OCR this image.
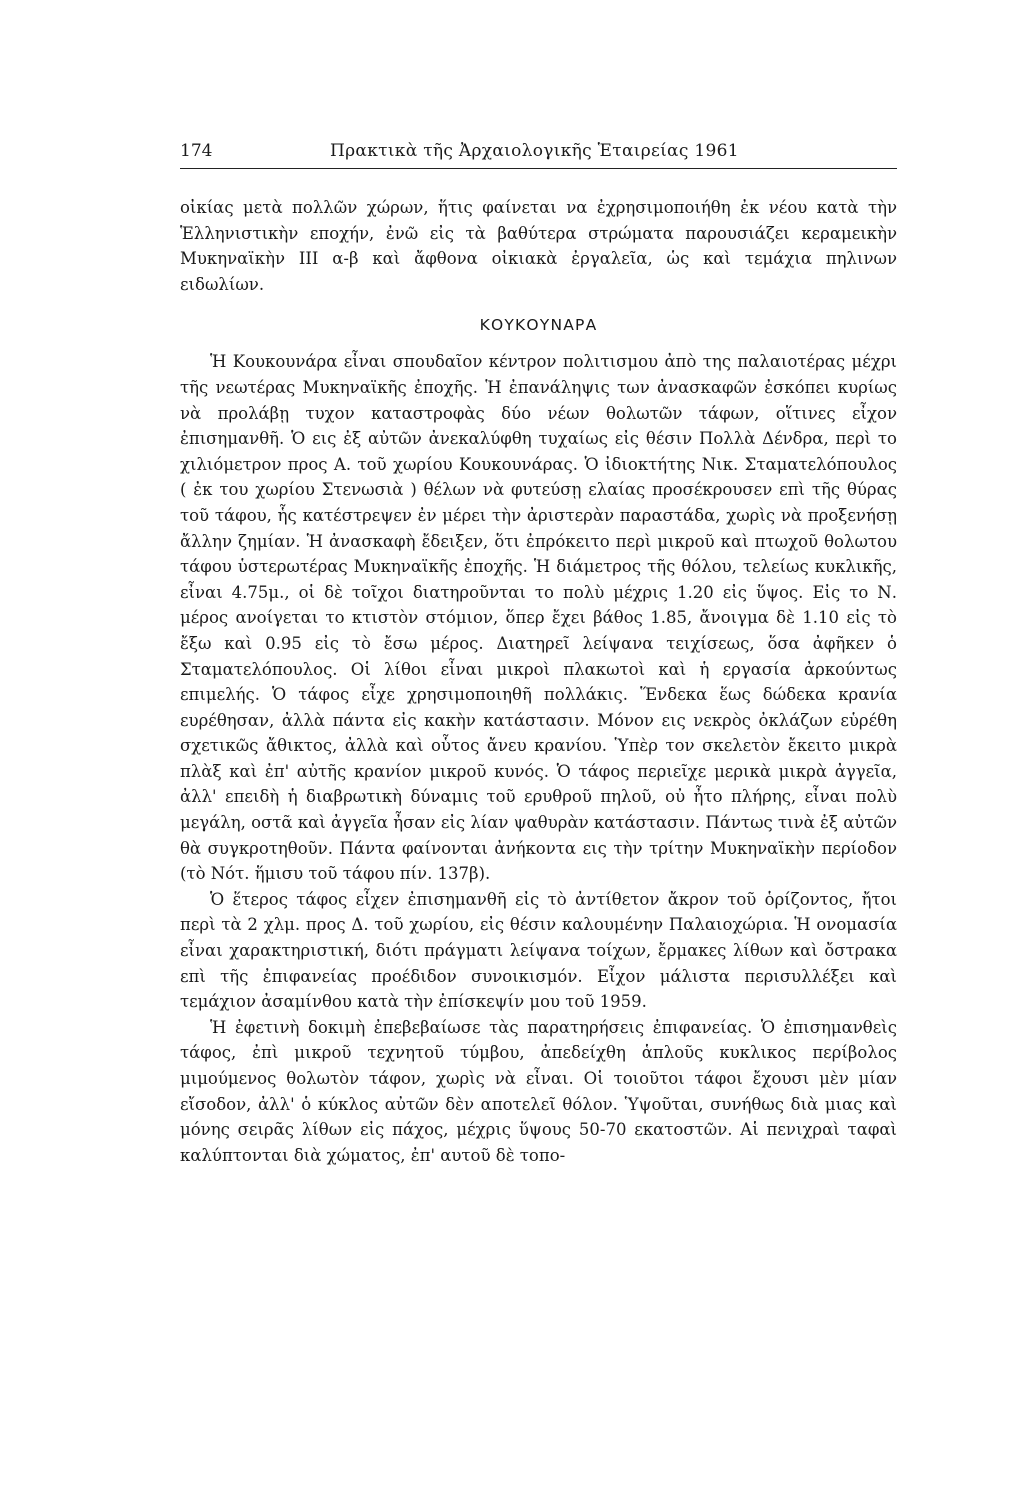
174	Πρακτικὰ τῆς Ἀρχαιολογικῆς Ἑταιρείας 1961

οἰκίας μετὰ πολλῶν χώρων, ἥτις φαίνεται να ἐχρησιμοποιήθη ἐκ νέου κατὰ τὴν Ἑλληνιστικὴν εποχήν, ἐνῶ εἰς τὰ βαθύτερα στρώματα παρουσιάζει κεραμεικὴν Μυκηναϊκὴν ΙΙΙ α-β καὶ ἄφθονα οἰκιακὰ ἐργαλεῖα, ὡς καὶ τεμάχια πηλινων ειδωλίων.

ΚΟΥΚΟΥΝΑΡΑ

Ἡ Κουκουνάρα εἶναι σπουδαῖον κέντρον πολιτισμου ἀπὸ της παλαιοτέρας μέχρι τῆς νεωτέρας Μυκηναϊκῆς ἐποχῆς. Ἡ ἐπανάληψις των ἀνασκαφῶν ἐσκόπει κυρίως νὰ προλάβῃ τυχον καταστροφὰς δύο νέων θολωτῶν τάφων, οἵτινες εἶχον ἐπισημανθῆ. Ὁ εις ἐξ αὐτῶν ἀνεκαλύφθη τυχαίως εἰς θέσιν Πολλὰ Δένδρα, περὶ το χιλιόμετρον προς Α. τοῦ χωρίου Κουκουνάρας. Ὁ ἰδιοκτήτης Νικ. Σταματελόπουλος ( ἐκ του χωρίου Στενωσιὰ ) θέλων νὰ φυτεύσῃ ελαίας προσέκρουσεν επὶ τῆς θύρας τοῦ τάφου, ἧς κατέστρεψεν ἐν μέρει τὴν ἀριστερὰν παραστάδα, χωρὶς νὰ προξενήσῃ ἄλλην ζημίαν. Ἡ ἀνασκαφὴ ἔδειξεν, ὅτι ἐπρόκειτο περὶ μικροῦ καὶ πτωχοῦ θολωτου τάφου ὑστερωτέρας Μυκηναϊκῆς ἐποχῆς. Ἡ διάμετρος τῆς θόλου, τελείως κυκλικῆς, εἶναι 4.75μ., οἱ δὲ τοῖχοι διατηροῦνται το πολὺ μέχρις 1.20 εἰς ὕψος. Εἰς το Ν. μέρος ανοίγεται το κτιστὸν στόμιον, ὅπερ ἔχει βάθος 1.85, ἄνοιγμα δὲ 1.10 εἰς τὸ ἔξω καὶ 0.95 εἰς τὸ ἔσω μέρος. Διατηρεῖ λείψανα τειχίσεως, ὅσα ἀφῆκεν ὁ Σταματελόπουλος. Οἱ λίθοι εἶναι μικροὶ πλακωτοὶ καὶ ἡ εργασία ἀρκούντως επιμελής. Ὁ τάφος εἶχε χρησιμοποιηθῆ πολλάκις. Ἕνδεκα ἕως δώδεκα κρανία ευρέθησαν, ἀλλὰ πάντα εἰς κακὴν κατάστασιν. Μόνον εις νεκρὸς ὀκλάζων εὑρέθη σχετικῶς ἄθικτος, ἀλλὰ καὶ οὗτος ἄνευ κρανίου. Ὑπὲρ τον σκελετὸν ἔκειτο μικρὰ πλὰξ καὶ ἐπ' αὐτῆς κρανίον μικροῦ κυνός. Ὁ τάφος περιεῖχε μερικὰ μικρὰ ἀγγεῖα, ἀλλ' επειδὴ ἡ διαβρωτικὴ δύναμις τοῦ ερυθροῦ πηλοῦ, οὐ ἦτο πλήρης, εἶναι πολὺ μεγάλη, οστᾶ καὶ ἀγγεῖα ἦσαν εἰς λίαν ψαθυρὰν κατάστασιν. Πάντως τινὰ ἐξ αὐτῶν θὰ συγκροτηθοῦν. Πάντα φαίνονται ἀνήκοντα εις τὴν τρίτην Μυκηναϊκὴν περίοδον (τὸ Νότ. ἥμισυ τοῦ τάφου πίν. 137β).

Ὁ ἕτερος τάφος εἶχεν ἐπισημανθῆ εἰς τὸ ἀντίθετον ἄκρον τοῦ ὁρίζοντος, ἤτοι περὶ τὰ 2 χλμ. προς Δ. τοῦ χωρίου, εἰς θέσιν καλουμένην Παλαιοχώρια. Ἡ ονομασία εἶναι χαρακτηριστική, διότι πράγματι λείψανα τοίχων, ἔρμακες λίθων καὶ ὄστρακα επὶ τῆς ἐπιφανείας προέδιδον συνοικισμόν. Εἶχον μάλιστα περισυλλέξει καὶ τεμάχιον ἀσαμίνθου κατὰ τὴν ἐπίσκεψίν μου τοῦ 1959.

Ἡ ἐφετινὴ δοκιμὴ ἐπεβεβαίωσε τὰς παρατηρήσεις ἐπιφανείας. Ὁ ἐπισημανθεὶς τάφος, ἐπὶ μικροῦ τεχνητοῦ τύμβου, ἀπεδείχθη ἁπλοῦς κυκλικος περίβολος μιμούμενος θολωτὸν τάφον, χωρὶς νὰ εἶναι. Οἱ τοιοῦτοι τάφοι ἔχουσι μὲν μίαν εἴσοδον, ἀλλ' ὁ κύκλος αὐτῶν δὲν αποτελεῖ θόλον. Ὑψοῦται, συνήθως διὰ μιας καὶ μόνης σειρᾶς λίθων εἰς πάχος, μέχρις ὕψους 50-70 εκατοστῶν. Αἱ πενιχραὶ ταφαὶ καλύπτονται διὰ χώματος, ἐπ' αυτοῦ δὲ τοπο-
